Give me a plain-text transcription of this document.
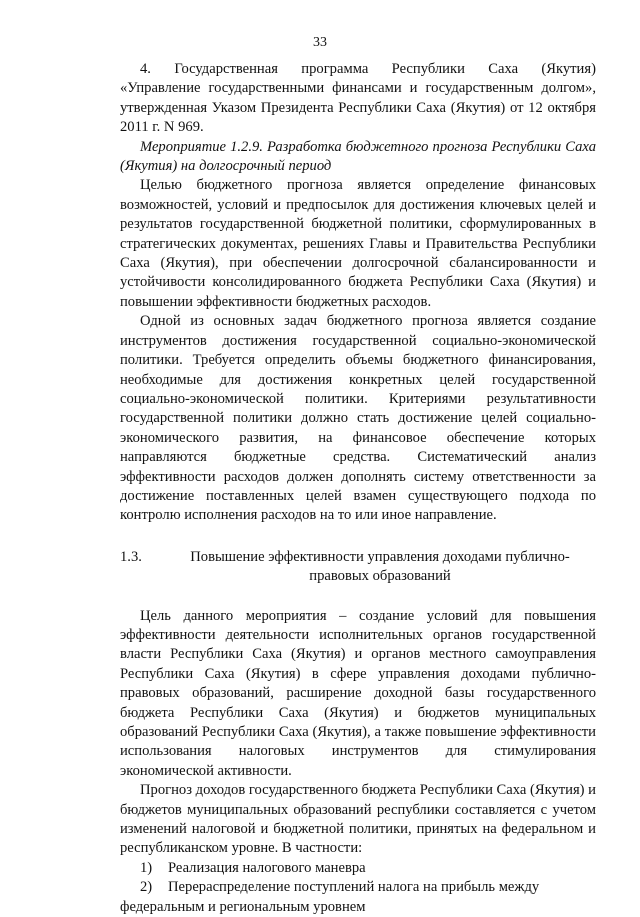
33
4. Государственная программа Республики Саха (Якутия)

«Управление государственными финансами и государственным долгом», утвержденная Указом Президента Республики Саха (Якутия) от 12 октября 2011 г. N 969.

Мероприятие 1.2.9. Разработка бюджетного прогноза Республики Саха (Якутия) на долгосрочный период

Целью бюджетного прогноза является определение финансовых возможностей, условий и предпосылок для достижения ключевых целей и результатов государственной бюджетной политики, сформулированных в стратегических документах, решениях Главы и Правительства Республики Саха (Якутия), при обеспечении долгосрочной сбалансированности и устойчивости консолидированного бюджета Республики Саха (Якутия) и повышении эффективности бюджетных расходов.

Одной из основных задач бюджетного прогноза является создание инструментов достижения государственной социально-экономической политики. Требуется определить объемы бюджетного финансирования, необходимые для достижения конкретных целей государственной социально-экономической политики. Критериями результативности государственной политики должно стать достижение целей социально-экономического развития, на финансовое обеспечение которых направляются бюджетные средства. Систематический анализ эффективности расходов должен дополнять систему ответственности за достижение поставленных целей взамен существующего подхода по контролю исполнения расходов на то или иное направление.

1.3.	Повышение эффективности управления доходами публично-правовых образований

Цель данного мероприятия – создание условий для повышения эффективности деятельности исполнительных органов государственной власти Республики Саха (Якутия) и органов местного самоуправления Республики Саха (Якутия) в сфере управления доходами публично-правовых образований, расширение доходной базы государственного бюджета Республики Саха (Якутия) и бюджетов муниципальных образований Республики Саха (Якутия), а также повышение эффективности использования налоговых инструментов для стимулирования экономической активности.

Прогноз доходов государственного бюджета Республики Саха (Якутия) и бюджетов муниципальных образований республики составляется с учетом изменений налоговой и бюджетной политики, принятых на федеральном и республиканском уровне. В частности:

1)	Реализация налогового маневра
2)	Перераспределение поступлений налога на прибыль между

федеральным и региональным уровнем
